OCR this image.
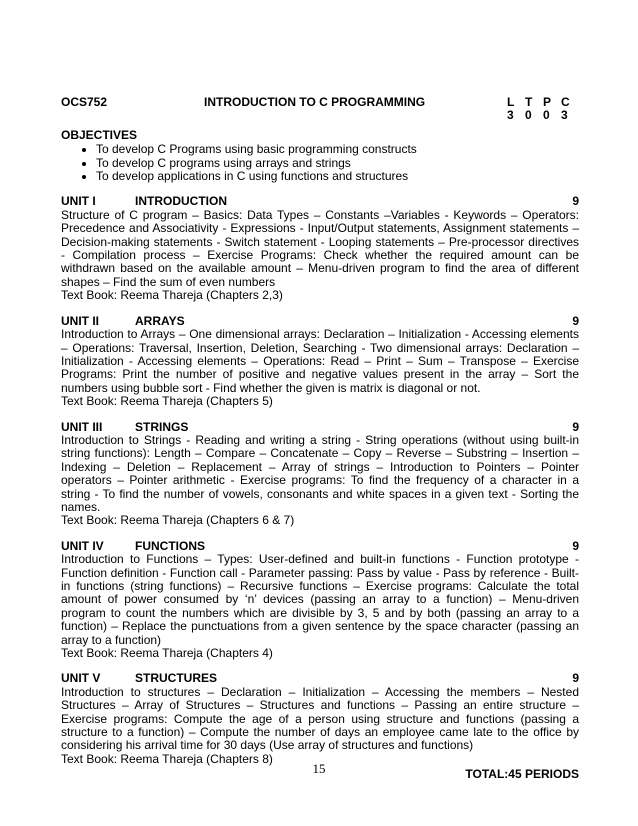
OCS752	INTRODUCTION TO C PROGRAMMING	L T P C
3 0 0 3
OBJECTIVES
• To develop C Programs using basic programming constructs
• To develop C programs using arrays and strings
• To develop applications in C using functions and structures
UNIT I	INTRODUCTION	9
Structure of C program – Basics: Data Types – Constants –Variables - Keywords – Operators: Precedence and Associativity - Expressions - Input/Output statements, Assignment statements – Decision-making statements - Switch statement - Looping statements – Pre-processor directives - Compilation process – Exercise Programs: Check whether the required amount can be withdrawn based on the available amount – Menu-driven program to find the area of different shapes – Find the sum of even numbers
Text Book: Reema Thareja (Chapters 2,3)
UNIT II	ARRAYS	9
Introduction to Arrays – One dimensional arrays: Declaration – Initialization - Accessing elements – Operations: Traversal, Insertion, Deletion, Searching - Two dimensional arrays: Declaration – Initialization - Accessing elements – Operations: Read – Print – Sum – Transpose – Exercise Programs: Print the number of positive and negative values present in the array – Sort the numbers using bubble sort - Find whether the given is matrix is diagonal or not.
Text Book: Reema Thareja (Chapters 5)
UNIT III	STRINGS	9
Introduction to Strings - Reading and writing a string - String operations (without using built-in string functions): Length – Compare – Concatenate – Copy – Reverse – Substring – Insertion – Indexing – Deletion – Replacement – Array of strings – Introduction to Pointers – Pointer operators – Pointer arithmetic - Exercise programs: To find the frequency of a character in a string - To find the number of vowels, consonants and white spaces in a given text - Sorting the names.
Text Book: Reema Thareja (Chapters 6 & 7)
UNIT IV	FUNCTIONS	9
Introduction to Functions – Types: User-defined and built-in functions - Function prototype - Function definition - Function call - Parameter passing: Pass by value - Pass by reference - Built-in functions (string functions) – Recursive functions – Exercise programs: Calculate the total amount of power consumed by ‘n’ devices (passing an array to a function) – Menu-driven program to count the numbers which are divisible by 3, 5 and by both (passing an array to a function) – Replace the punctuations from a given sentence by the space character (passing an array to a function)
Text Book: Reema Thareja (Chapters 4)
UNIT V	STRUCTURES	9
Introduction to structures – Declaration – Initialization – Accessing the members – Nested Structures – Array of Structures – Structures and functions – Passing an entire structure – Exercise programs: Compute the age of a person using structure and functions (passing a structure to a function) – Compute the number of days an employee came late to the office by considering his arrival time for 30 days (Use array of structures and functions)
Text Book: Reema Thareja (Chapters 8)
TOTAL:45 PERIODS
15
